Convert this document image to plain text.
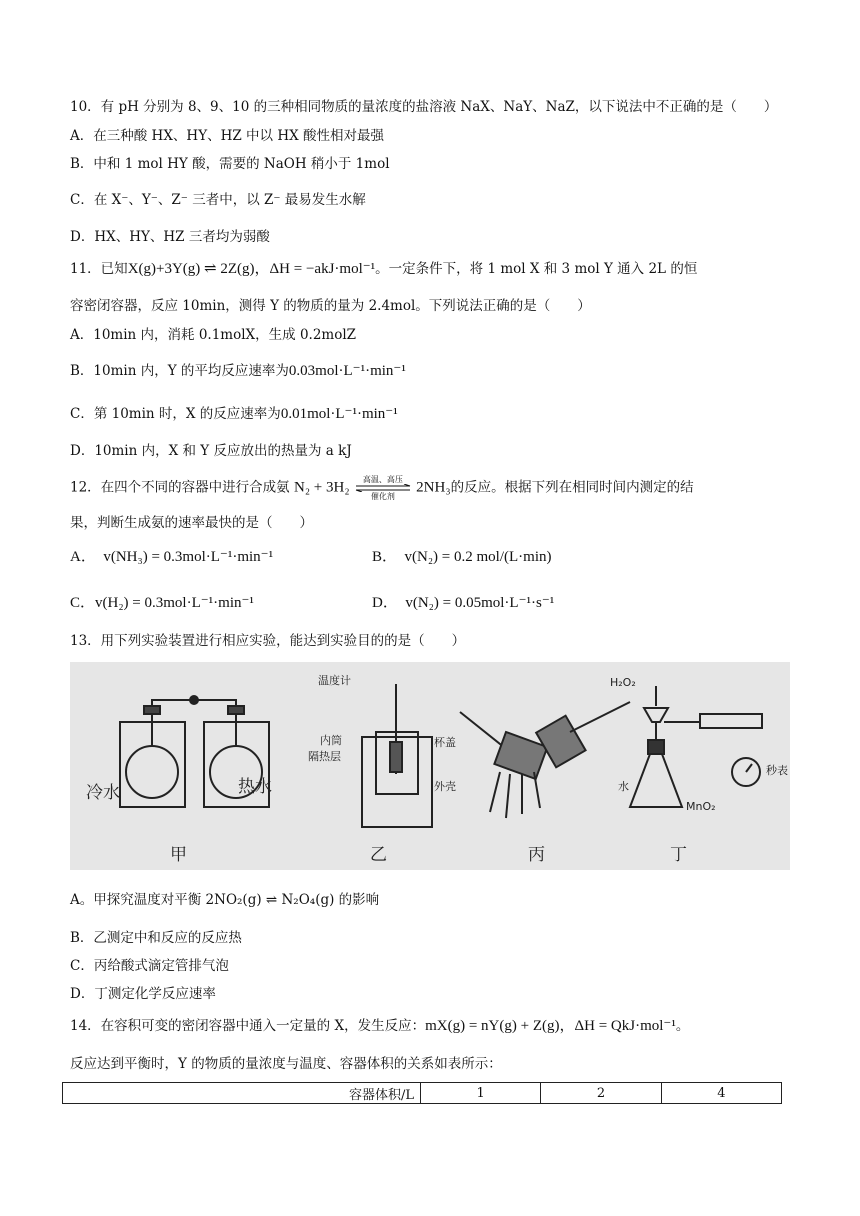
10．有 pH 分别为 8、9、10 的三种相同物质的量浓度的盐溶液 NaX、NaY、NaZ，以下说法中不正确的是（　　）
A．在三种酸 HX、HY、HZ 中以 HX 酸性相对最强
B．中和 1 mol HY 酸，需要的 NaOH 稍小于 1mol
C．在 X⁻、Y⁻、Z⁻ 三者中，以 Z⁻ 最易发生水解
D．HX、HY、HZ 三者均为弱酸
11．已知X(g)+3Y(g) ⇌ 2Z(g)，ΔH = −akJ·mol⁻¹。一定条件下，将 1 mol X 和 3 mol Y 通入 2L 的恒
容密闭容器，反应 10min，测得 Y 的物质的量为 2.4mol。下列说法正确的是（　　）
A．10min 内，消耗 0.1molX，生成 0.2molZ
B．10min 内，Y 的平均反应速率为0.03mol·L⁻¹·min⁻¹
C．第 10min 时，X 的反应速率为0.01mol·L⁻¹·min⁻¹
D．10min 内，X 和 Y 反应放出的热量为 a kJ
12．在四个不同的容器中进行合成氨 N₂ + 3H₂	高温、高压
催化剂
2NH₃的反应。根据下列在相同时间内测定的结
果，判断生成氨的速率最快的是（　　）
A．　v(NH₃) = 0.3mol·L⁻¹·min⁻¹	B．　v(N₂) = 0.2 mol/(L·min)
C．v(H₂) = 0.3mol·L⁻¹·min⁻¹	D．　v(N₂) = 0.05mol·L⁻¹·s⁻¹
13．用下列实验装置进行相应实验，能达到实验目的的是（　　）
冷水	热水
温度计
内筒
隔热层
杯盖
外壳
H₂O₂
秒表
水
MnO₂
甲	乙	丙	丁
A。甲探究温度对平衡 2NO₂(g) ⇌ N₂O₄(g) 的影响
B．乙测定中和反应的反应热
C．丙给酸式滴定管排气泡
D．丁测定化学反应速率
14．在容积可变的密闭容器中通入一定量的 X，发生反应：mX(g) = nY(g) + Z(g)，ΔH = QkJ·mol⁻¹。
反应达到平衡时，Y 的物质的量浓度与温度、容器体积的关系如表所示：
容器体积/L	1	2	4
